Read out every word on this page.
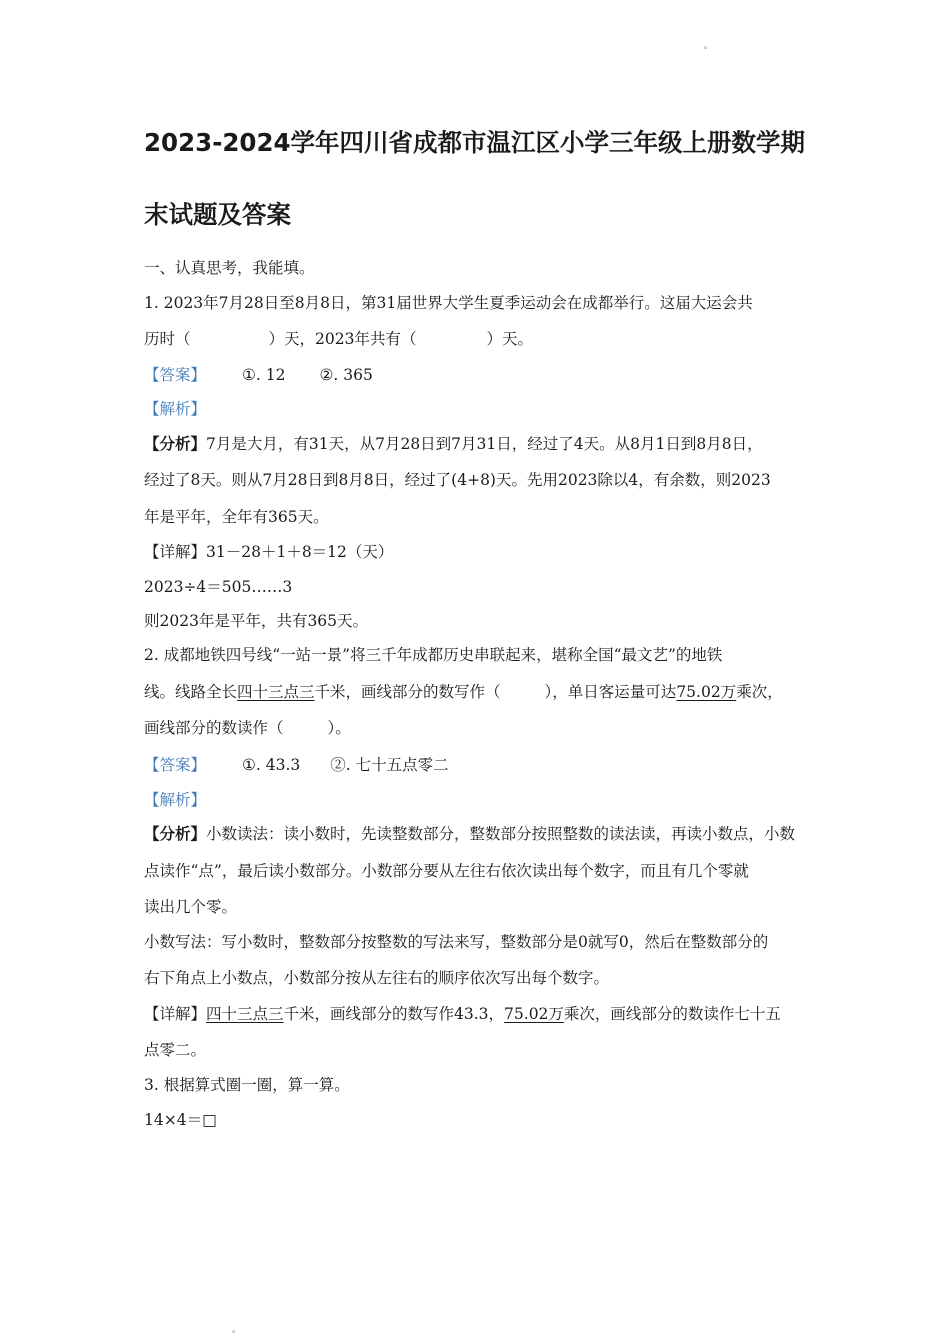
。
2023-2024学年四川省成都市温江区小学三年级上册数学期
末试题及答案
一、认真思考，我能填。
1. 2023年7月28日至8月8日，第31届世界大学生夏季运动会在成都举行。这届大运会共
历时（	）天，2023年共有（	）天。
【答案】 ①. 12 ②. 365
【解析】
【分析】7月是大月，有31天，从7月28日到7月31日，经过了4天。从8月1日到8月8日，
经过了8天。则从7月28日到8月8日，经过了(4+8)天。先用2023除以4，有余数，则2023
年是平年，全年有365天。
【详解】31－28＋1＋8＝12（天）
2023÷4＝505……3
则2023年是平年，共有365天。
2. 成都地铁四号线“一站一景”将三千年成都历史串联起来，堪称全国“最文艺”的地铁
线。线路全长四十三点三千米，画线部分的数写作（	），单日客运量可达75.02万乘次，
画线部分的数读作（	）。
【答案】 ①. 43.3 ②. 七十五点零二
【解析】
【分析】小数读法：读小数时，先读整数部分，整数部分按照整数的读法读，再读小数点，小数
点读作“点”，最后读小数部分。小数部分要从左往右依次读出每个数字，而且有几个零就
读出几个零。
小数写法：写小数时，整数部分按整数的写法来写，整数部分是0就写0，然后在整数部分的
右下角点上小数点，小数部分按从左往右的顺序依次写出每个数字。
【详解】四十三点三千米，画线部分的数写作43.3，75.02万乘次，画线部分的数读作七十五
点零二。
3. 根据算式圈一圈，算一算。
14×4＝□
。
